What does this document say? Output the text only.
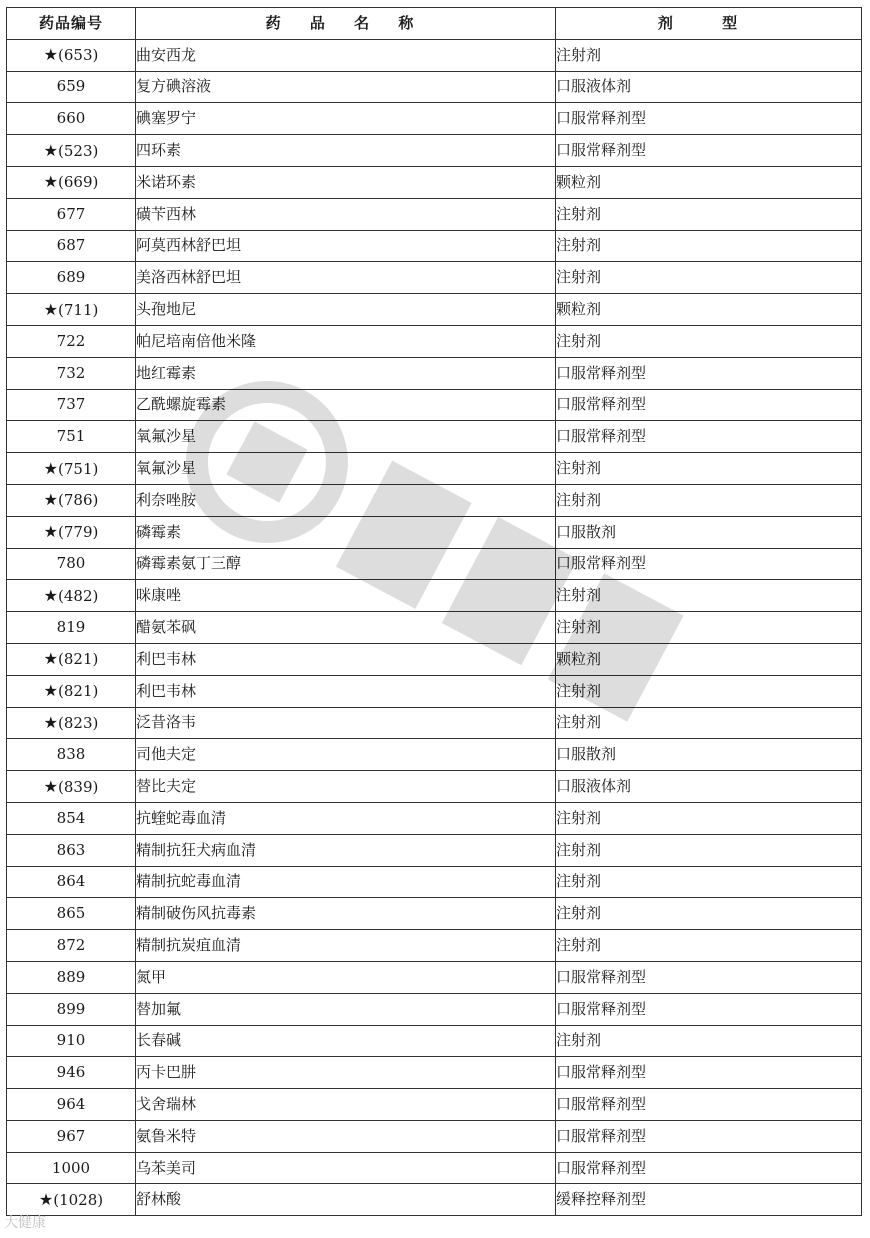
药品编号	药 品 名 称	剂 型
★(653)	曲安西龙	注射剂
659	复方碘溶液	口服液体剂
660	碘塞罗宁	口服常释剂型
★(523)	四环素	口服常释剂型
★(669)	米诺环素	颗粒剂
677	磺苄西林	注射剂
687	阿莫西林舒巴坦	注射剂
689	美洛西林舒巴坦	注射剂
★(711)	头孢地尼	颗粒剂
722	帕尼培南倍他米隆	注射剂
732	地红霉素	口服常释剂型
737	乙酰螺旋霉素	口服常释剂型
751	氧氟沙星	口服常释剂型
★(751)	氧氟沙星	注射剂
★(786)	利奈唑胺	注射剂
★(779)	磷霉素	口服散剂
780	磷霉素氨丁三醇	口服常释剂型
★(482)	咪康唑	注射剂
819	醋氨苯砜	注射剂
★(821)	利巴韦林	颗粒剂
★(821)	利巴韦林	注射剂
★(823)	泛昔洛韦	注射剂
838	司他夫定	口服散剂
★(839)	替比夫定	口服液体剂
854	抗蝰蛇毒血清	注射剂
863	精制抗狂犬病血清	注射剂
864	精制抗蛇毒血清	注射剂
865	精制破伤风抗毒素	注射剂
872	精制抗炭疽血清	注射剂
889	氮甲	口服常释剂型
899	替加氟	口服常释剂型
910	长春碱	注射剂
946	丙卡巴肼	口服常释剂型
964	戈舍瑞林	口服常释剂型
967	氨鲁米特	口服常释剂型
1000	乌苯美司	口服常释剂型
★(1028)	舒林酸	缓释控释剂型
大健康
